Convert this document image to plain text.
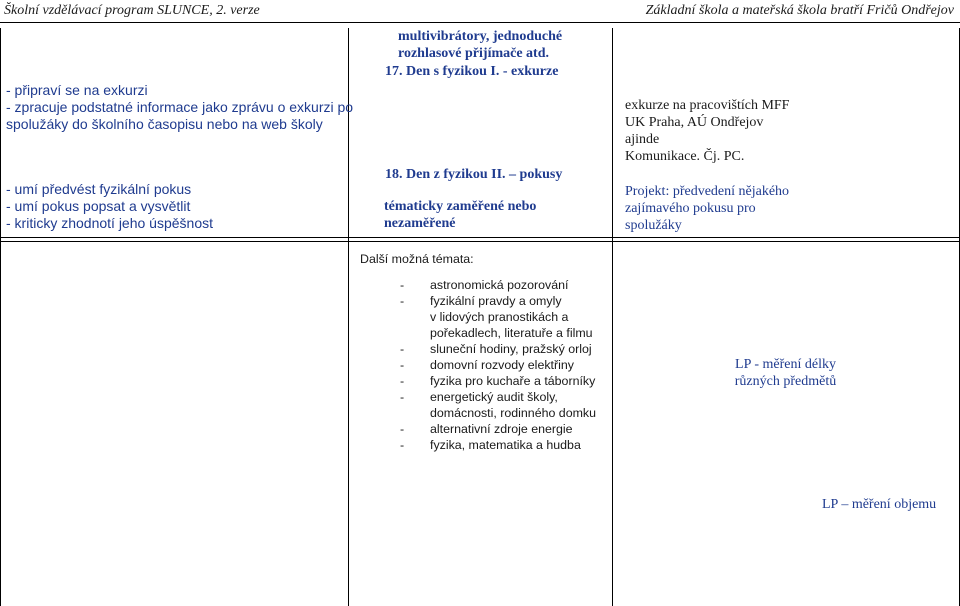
Školní vzdělávací program SLUNCE, 2. verze	Základní škola a mateřská škola bratří Fričů Ondřejov
- připraví se na exkurzi
- zpracuje podstatné informace jako zprávu o exkurzi po
spolužáky do školního časopisu nebo na web školy
- umí předvést fyzikální pokus
- umí pokus popsat a vysvětlit
- kriticky zhodnotí jeho úspěšnost
multivibrátory, jednoduché
rozhlasové přijímače atd.
17. Den s fyzikou I. - exkurze
18. Den z fyzikou II. – pokusy
tématicky zaměřené nebo
nezaměřené
exkurze na pracovištích MFF
UK Praha, AÚ Ondřejov
ajinde
Komunikace. Čj. PC.
Projekt: předvedení nějakého
zajímavého pokusu pro
spolužáky
Další možná témata:
- astronomická pozorování
- fyzikální pravdy a omyly
v lidových pranostikách a
pořekadlech, literatuře a filmu
- sluneční hodiny, pražský orloj
- domovní rozvody elektřiny
- fyzika pro kuchaře a táborníky
- energetický audit školy,
domácnosti, rodinného domku
- alternativní zdroje energie
- fyzika, matematika a hudba
LP - měření délky
různých předmětů
LP – měření objemu
